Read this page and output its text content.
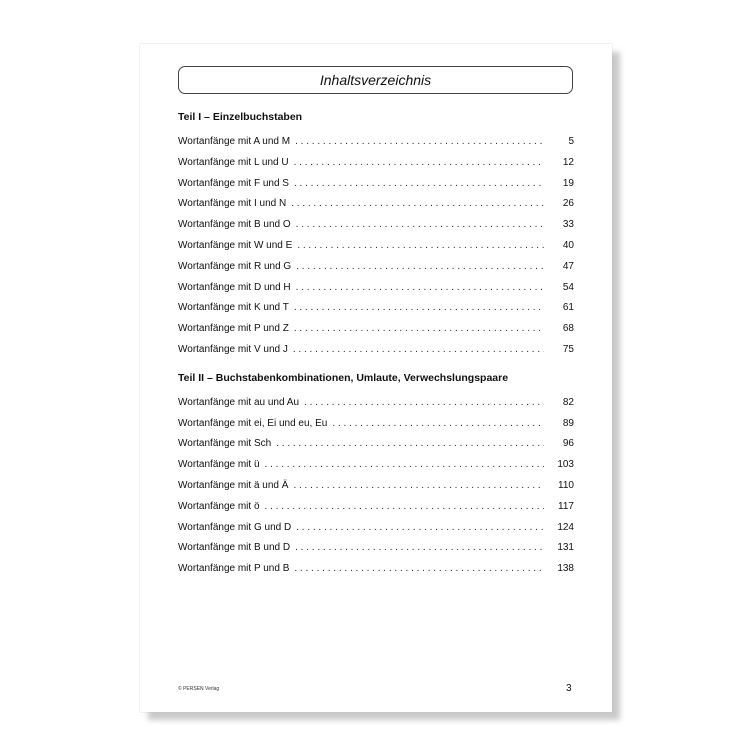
Inhaltsverzeichnis
Teil I – Einzelbuchstaben
Wortanfänge mit A und M . . .	5
Wortanfänge mit L und U . . .	12
Wortanfänge mit F und S . . .	19
Wortanfänge mit I und N . . .	26
Wortanfänge mit B und O . . .	33
Wortanfänge mit W und E . . .	40
Wortanfänge mit R und G . . .	47
Wortanfänge mit D und H . . .	54
Wortanfänge mit K und T . . .	61
Wortanfänge mit P und Z . . .	68
Wortanfänge mit V und J . . .	75
Teil II – Buchstabenkombinationen, Umlaute, Verwechslungspaare
Wortanfänge mit au und Au . . .	82
Wortanfänge mit ei, Ei und eu, Eu . . .	89
Wortanfänge mit Sch . . .	96
Wortanfänge mit ü . . .	103
Wortanfänge mit ä und Ä . . .	110
Wortanfänge mit ö . . .	117
Wortanfänge mit G und D . . .	124
Wortanfänge mit B und D . . .	131
Wortanfänge mit P und B . . .	138
© PERSEN Verlag	3
